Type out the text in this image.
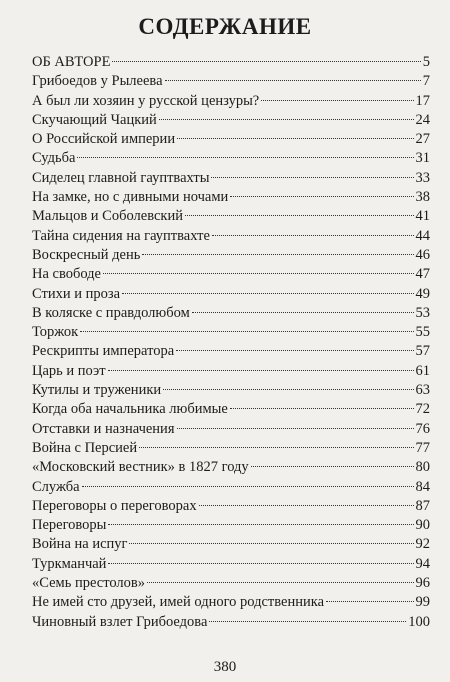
СОДЕРЖАНИЕ
ОБ АВТОРЕ	5
Грибоедов у Рылеева	7
А был ли хозяин у русской цензуры?	17
Скучающий Чацкий	24
О Российской империи	27
Судьба	31
Сиделец главной гауптвахты	33
На замке, но с дивными ночами	38
Мальцов и Соболевский	41
Тайна сидения на гауптвахте	44
Воскресный день	46
На свободе	47
Стихи и проза	49
В коляске с правдолюбом	53
Торжок	55
Рескрипты императора	57
Царь и поэт	61
Кутилы и труженики	63
Когда оба начальника любимые	72
Отставки и назначения	76
Война с Персией	77
«Московский вестник» в 1827 году	80
Служба	84
Переговоры о переговорах	87
Переговоры	90
Война на испуг	92
Туркманчай	94
«Семь престолов»	96
Не имей сто друзей, имей одного родственника	99
Чиновный взлет Грибоедова	100
380
